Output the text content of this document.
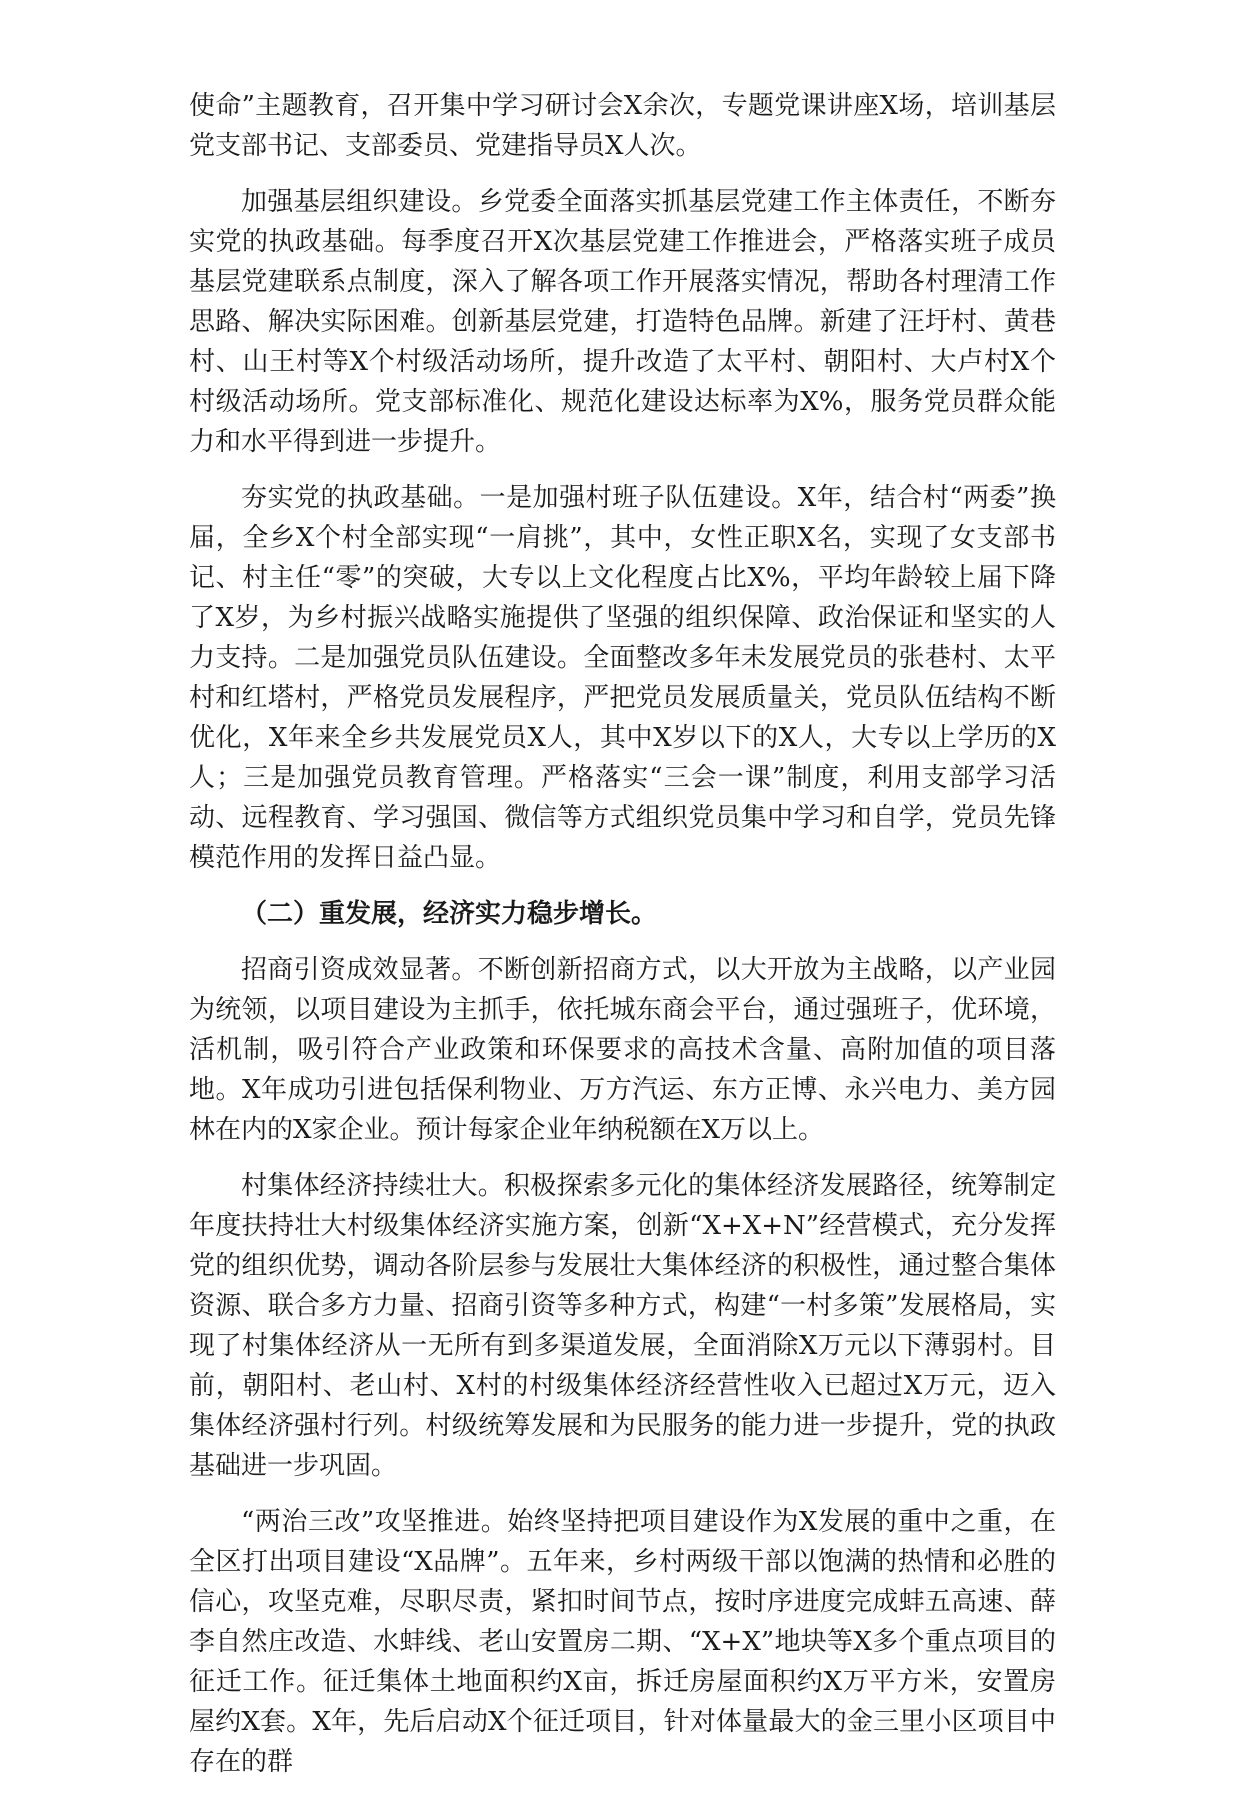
使命”主题教育，召开集中学习研讨会X余次，专题党课讲座X场，培训基层党支部书记、支部委员、党建指导员X人次。

加强基层组织建设。乡党委全面落实抓基层党建工作主体责任，不断夯实党的执政基础。每季度召开X次基层党建工作推进会，严格落实班子成员基层党建联系点制度，深入了解各项工作开展落实情况，帮助各村理清工作思路、解决实际困难。创新基层党建，打造特色品牌。新建了汪圩村、黄巷村、山王村等X个村级活动场所，提升改造了太平村、朝阳村、大卢村X个村级活动场所。党支部标准化、规范化建设达标率为X%，服务党员群众能力和水平得到进一步提升。

夯实党的执政基础。一是加强村班子队伍建设。X年，结合村“两委”换届，全乡X个村全部实现“一肩挑”，其中，女性正职X名，实现了女支部书记、村主任“零”的突破，大专以上文化程度占比X%，平均年龄较上届下降了X岁，为乡村振兴战略实施提供了坚强的组织保障、政治保证和坚实的人力支持。二是加强党员队伍建设。全面整改多年未发展党员的张巷村、太平村和红塔村，严格党员发展程序，严把党员发展质量关，党员队伍结构不断优化，X年来全乡共发展党员X人，其中X岁以下的X人，大专以上学历的X人；三是加强党员教育管理。严格落实“三会一课”制度，利用支部学习活动、远程教育、学习强国、微信等方式组织党员集中学习和自学，党员先锋模范作用的发挥日益凸显。

（二）重发展，经济实力稳步增长。

招商引资成效显著。不断创新招商方式，以大开放为主战略，以产业园为统领，以项目建设为主抓手，依托城东商会平台，通过强班子，优环境，活机制，吸引符合产业政策和环保要求的高技术含量、高附加值的项目落地。X年成功引进包括保利物业、万方汽运、东方正博、永兴电力、美方园林在内的X家企业。预计每家企业年纳税额在X万以上。

村集体经济持续壮大。积极探索多元化的集体经济发展路径，统筹制定年度扶持壮大村级集体经济实施方案，创新“X+X+N”经营模式，充分发挥党的组织优势，调动各阶层参与发展壮大集体经济的积极性，通过整合集体资源、联合多方力量、招商引资等多种方式，构建“一村多策”发展格局，实现了村集体经济从一无所有到多渠道发展，全面消除X万元以下薄弱村。目前，朝阳村、老山村、X村的村级集体经济经营性收入已超过X万元，迈入集体经济强村行列。村级统筹发展和为民服务的能力进一步提升，党的执政基础进一步巩固。

“两治三改”攻坚推进。始终坚持把项目建设作为X发展的重中之重，在全区打出项目建设“X品牌”。五年来，乡村两级干部以饱满的热情和必胜的信心，攻坚克难，尽职尽责，紧扣时间节点，按时序进度完成蚌五高速、薛李自然庄改造、水蚌线、老山安置房二期、“X+X”地块等X多个重点项目的征迁工作。征迁集体土地面积约X亩，拆迁房屋面积约X万平方米，安置房屋约X套。X年，先后启动X个征迁项目，针对体量最大的金三里小区项目中存在的群
